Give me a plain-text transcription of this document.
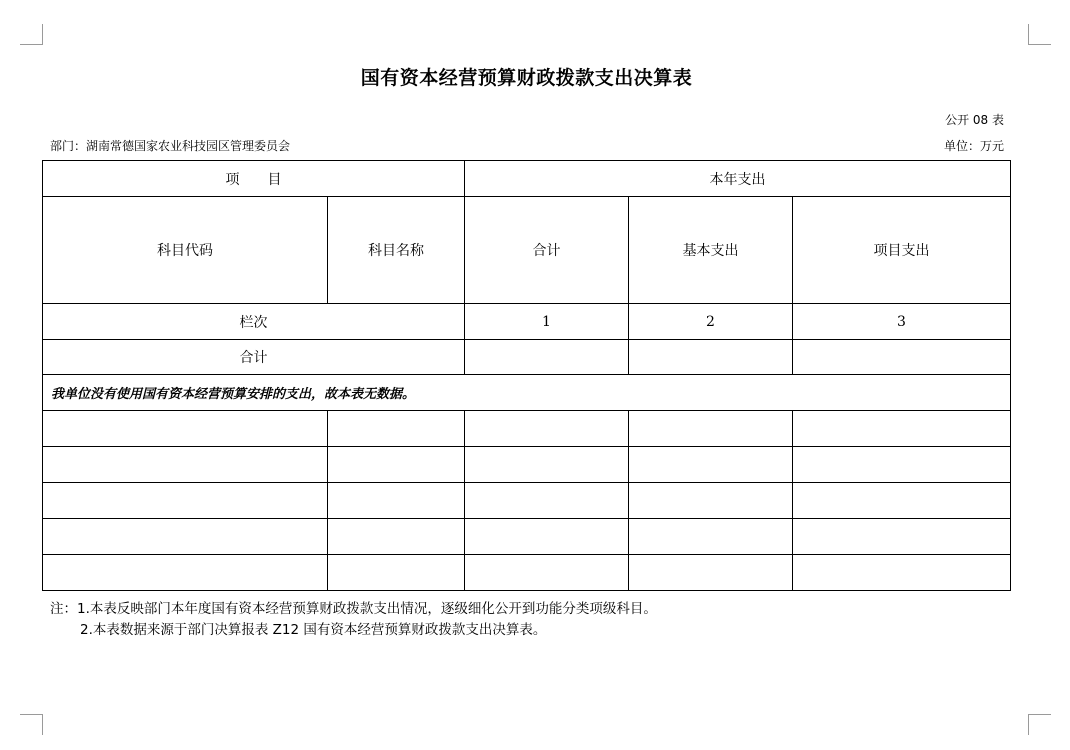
国有资本经营预算财政拨款支出决算表
公开 08 表
部门：湖南常德国家农业科技园区管理委员会	单位：万元
项　　目		本年支出		
科目代码	科目名称	合计	基本支出	项目支出
栏次		1	2	3
合计				
我单位没有使用国有资本经营预算安排的支出，故本表无数据。				

注：1.本表反映部门本年度国有资本经营预算财政拨款支出情况，逐级细化公开到功能分类项级科目。
2.本表数据来源于部门决算报表 Z12 国有资本经营预算财政拨款支出决算表。
